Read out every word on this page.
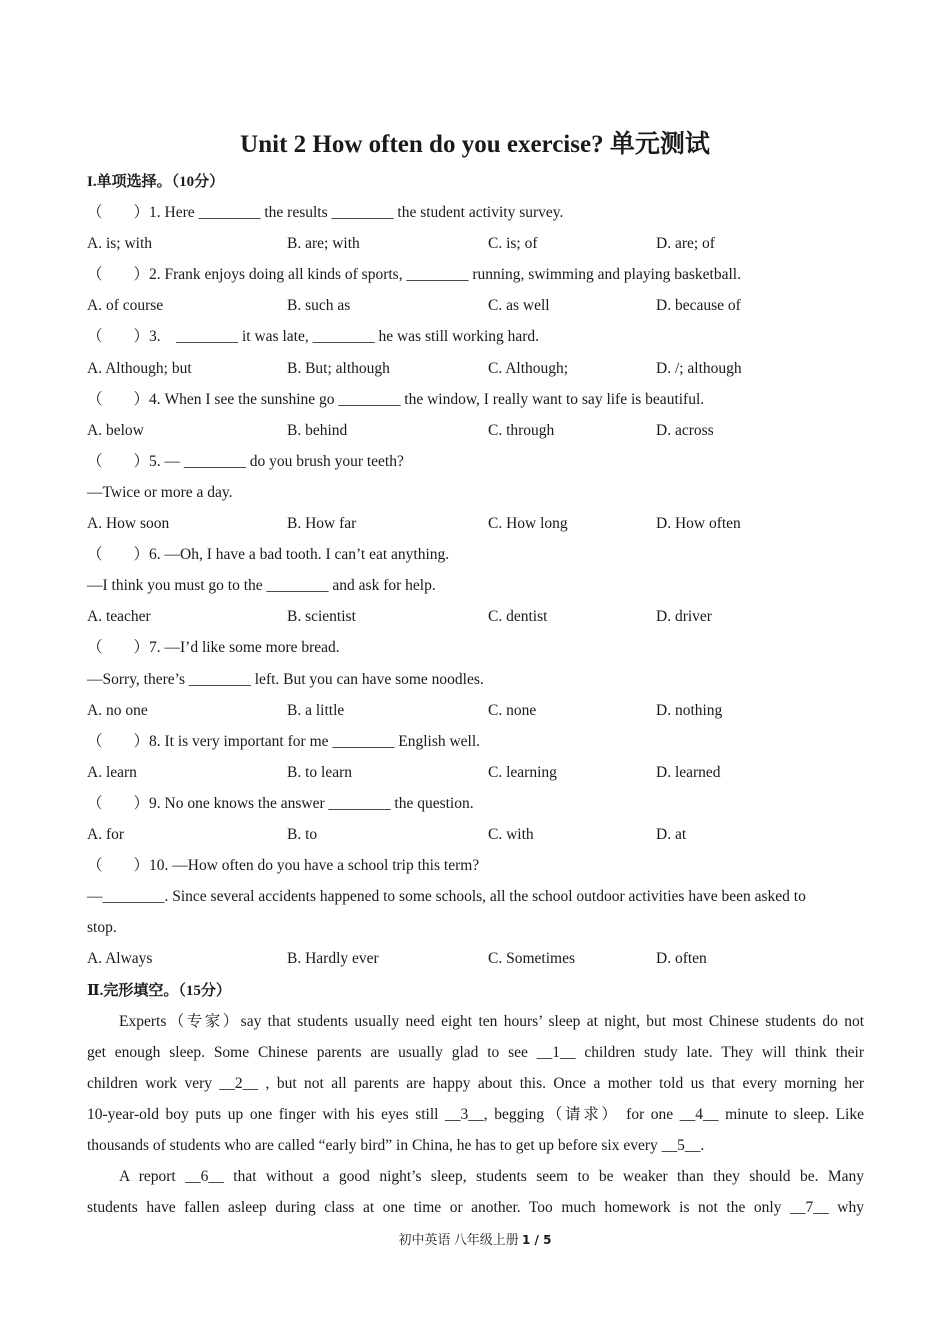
Unit 2 How often do you exercise? 单元测试
I.单项选择。（10分）
（        ）1. Here ________ the results ________ the student activity survey.
A. is; with	B. are; with	C. is; of	D. are; of
（        ）2. Frank enjoys doing all kinds of sports, ________ running, swimming and playing basketball.
A. of course	B. such as	C. as well	D. because of
（        ）3.    ________ it was late, ________ he was still working hard.
A. Although; but	B. But; although	C. Although;	D. /; although
（        ）4. When I see the sunshine go ________ the window, I really want to say life is beautiful.
A. below	B. behind	C. through	D. across
（        ）5. — ________ do you brush your teeth?
—Twice or more a day.
A. How soon	B. How far	C. How long	D. How often
（        ）6. —Oh, I have a bad tooth. I can’t eat anything.
—I think you must go to the ________ and ask for help.
A. teacher	B. scientist	C. dentist	D. driver
（        ）7. —I’d like some more bread.
—Sorry, there’s ________ left. But you can have some noodles.
A. no one	B. a little	C. none	D. nothing
（        ）8. It is very important for me ________ English well.
A. learn	B. to learn	C. learning	D. learned
（        ）9. No one knows the answer ________ the question.
A. for	B. to	C. with	D. at
（        ）10. —How often do you have a school trip this term?
—________. Since several accidents happened to some schools, all the school outdoor activities have been asked to
stop.
A. Always	B. Hardly ever	C. Sometimes	D. often
Ⅱ.完形填空。（15分）
Experts（专家）say that students usually need eight ten hours’ sleep at night, but most Chinese students do not
get enough sleep. Some Chinese parents are usually glad to see __1__ children study late. They will think their
children work very __2__ , but not all parents are happy about this. Once a mother told us that every morning her
10-year-old boy puts up one finger with his eyes still __3__, begging（请求） for one __4__ minute to sleep. Like
thousands of students who are called “early bird” in China, he has to get up before six every __5__.
A report __6__ that without a good night’s sleep, students seem to be weaker than they should be. Many
students have fallen asleep during class at one time or another. Too much homework is not the only __7__ why
初中英语 八年级上册 1 / 5
